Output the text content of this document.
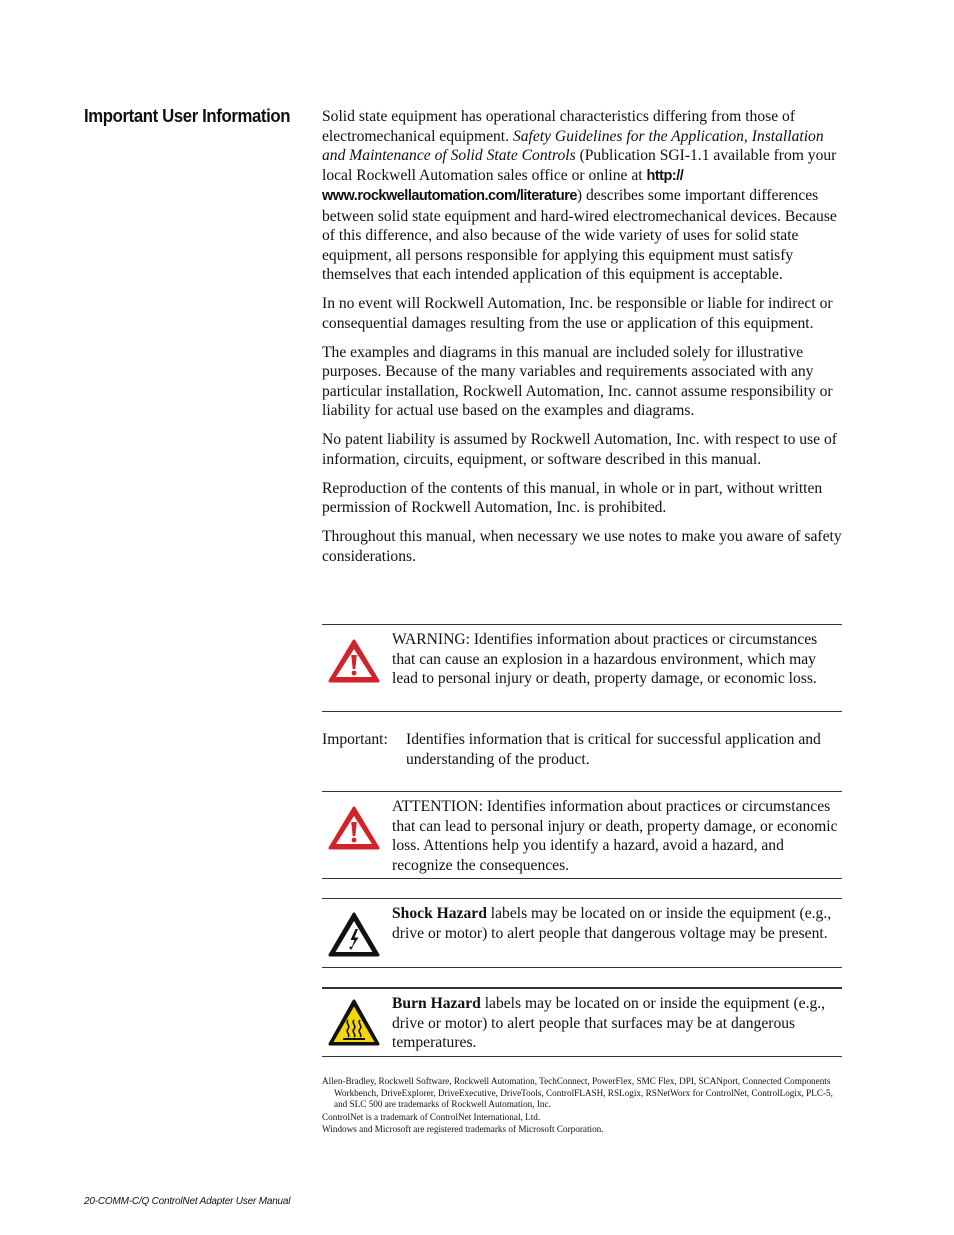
Important User Information	Solid state equipment has operational characteristics differing from those of electromechanical equipment. Safety Guidelines for the Application, Installation and Maintenance of Solid State Controls (Publication SGI-1.1 available from your local Rockwell Automation sales office or online at http://​www.rockwellautomation.com/literature) describes some important differences between solid state equipment and hard-wired electromechanical devices. Because of this difference, and also because of the wide variety of uses for solid state equipment, all persons responsible for applying this equipment must satisfy themselves that each intended application of this equipment is acceptable.

In no event will Rockwell Automation, Inc. be responsible or liable for indirect or consequential damages resulting from the use or application of this equipment.

The examples and diagrams in this manual are included solely for illustrative purposes. Because of the many variables and requirements associated with any particular installation, Rockwell Automation, Inc. cannot assume responsibility or liability for actual use based on the examples and diagrams.

No patent liability is assumed by Rockwell Automation, Inc. with respect to use of information, circuits, equipment, or software described in this manual.

Reproduction of the contents of this manual, in whole or in part, without written permission of Rockwell Automation, Inc. is prohibited.

Throughout this manual, when necessary we use notes to make you aware of safety considerations.

WARNING: Identifies information about practices or circumstances that can cause an explosion in a hazardous environment, which may lead to personal injury or death, property damage, or economic loss.
Important: Identifies information that is critical for successful application and understanding of the product.
ATTENTION: Identifies information about practices or circumstances that can lead to personal injury or death, property damage, or economic loss. Attentions help you identify a hazard, avoid a hazard, and recognize the consequences.
Shock Hazard labels may be located on or inside the equipment (e.g., drive or motor) to alert people that dangerous voltage may be present.
Burn Hazard labels may be located on or inside the equipment (e.g., drive or motor) to alert people that surfaces may be at dangerous temperatures.
Allen-Bradley, Rockwell Software, Rockwell Automation, TechConnect, PowerFlex, SMC Flex, DPI, SCANport, Connected Components Workbench, DriveExplorer, DriveExecutive, DriveTools, ControlFLASH, RSLogix, RSNetWorx for ControlNet, ControlLogix, PLC-5, and SLC 500 are trademarks of Rockwell Automation, Inc.
ControlNet is a trademark of ControlNet International, Ltd.
Windows and Microsoft are registered trademarks of Microsoft Corporation.
20-COMM-C/Q ControlNet Adapter User Manual
